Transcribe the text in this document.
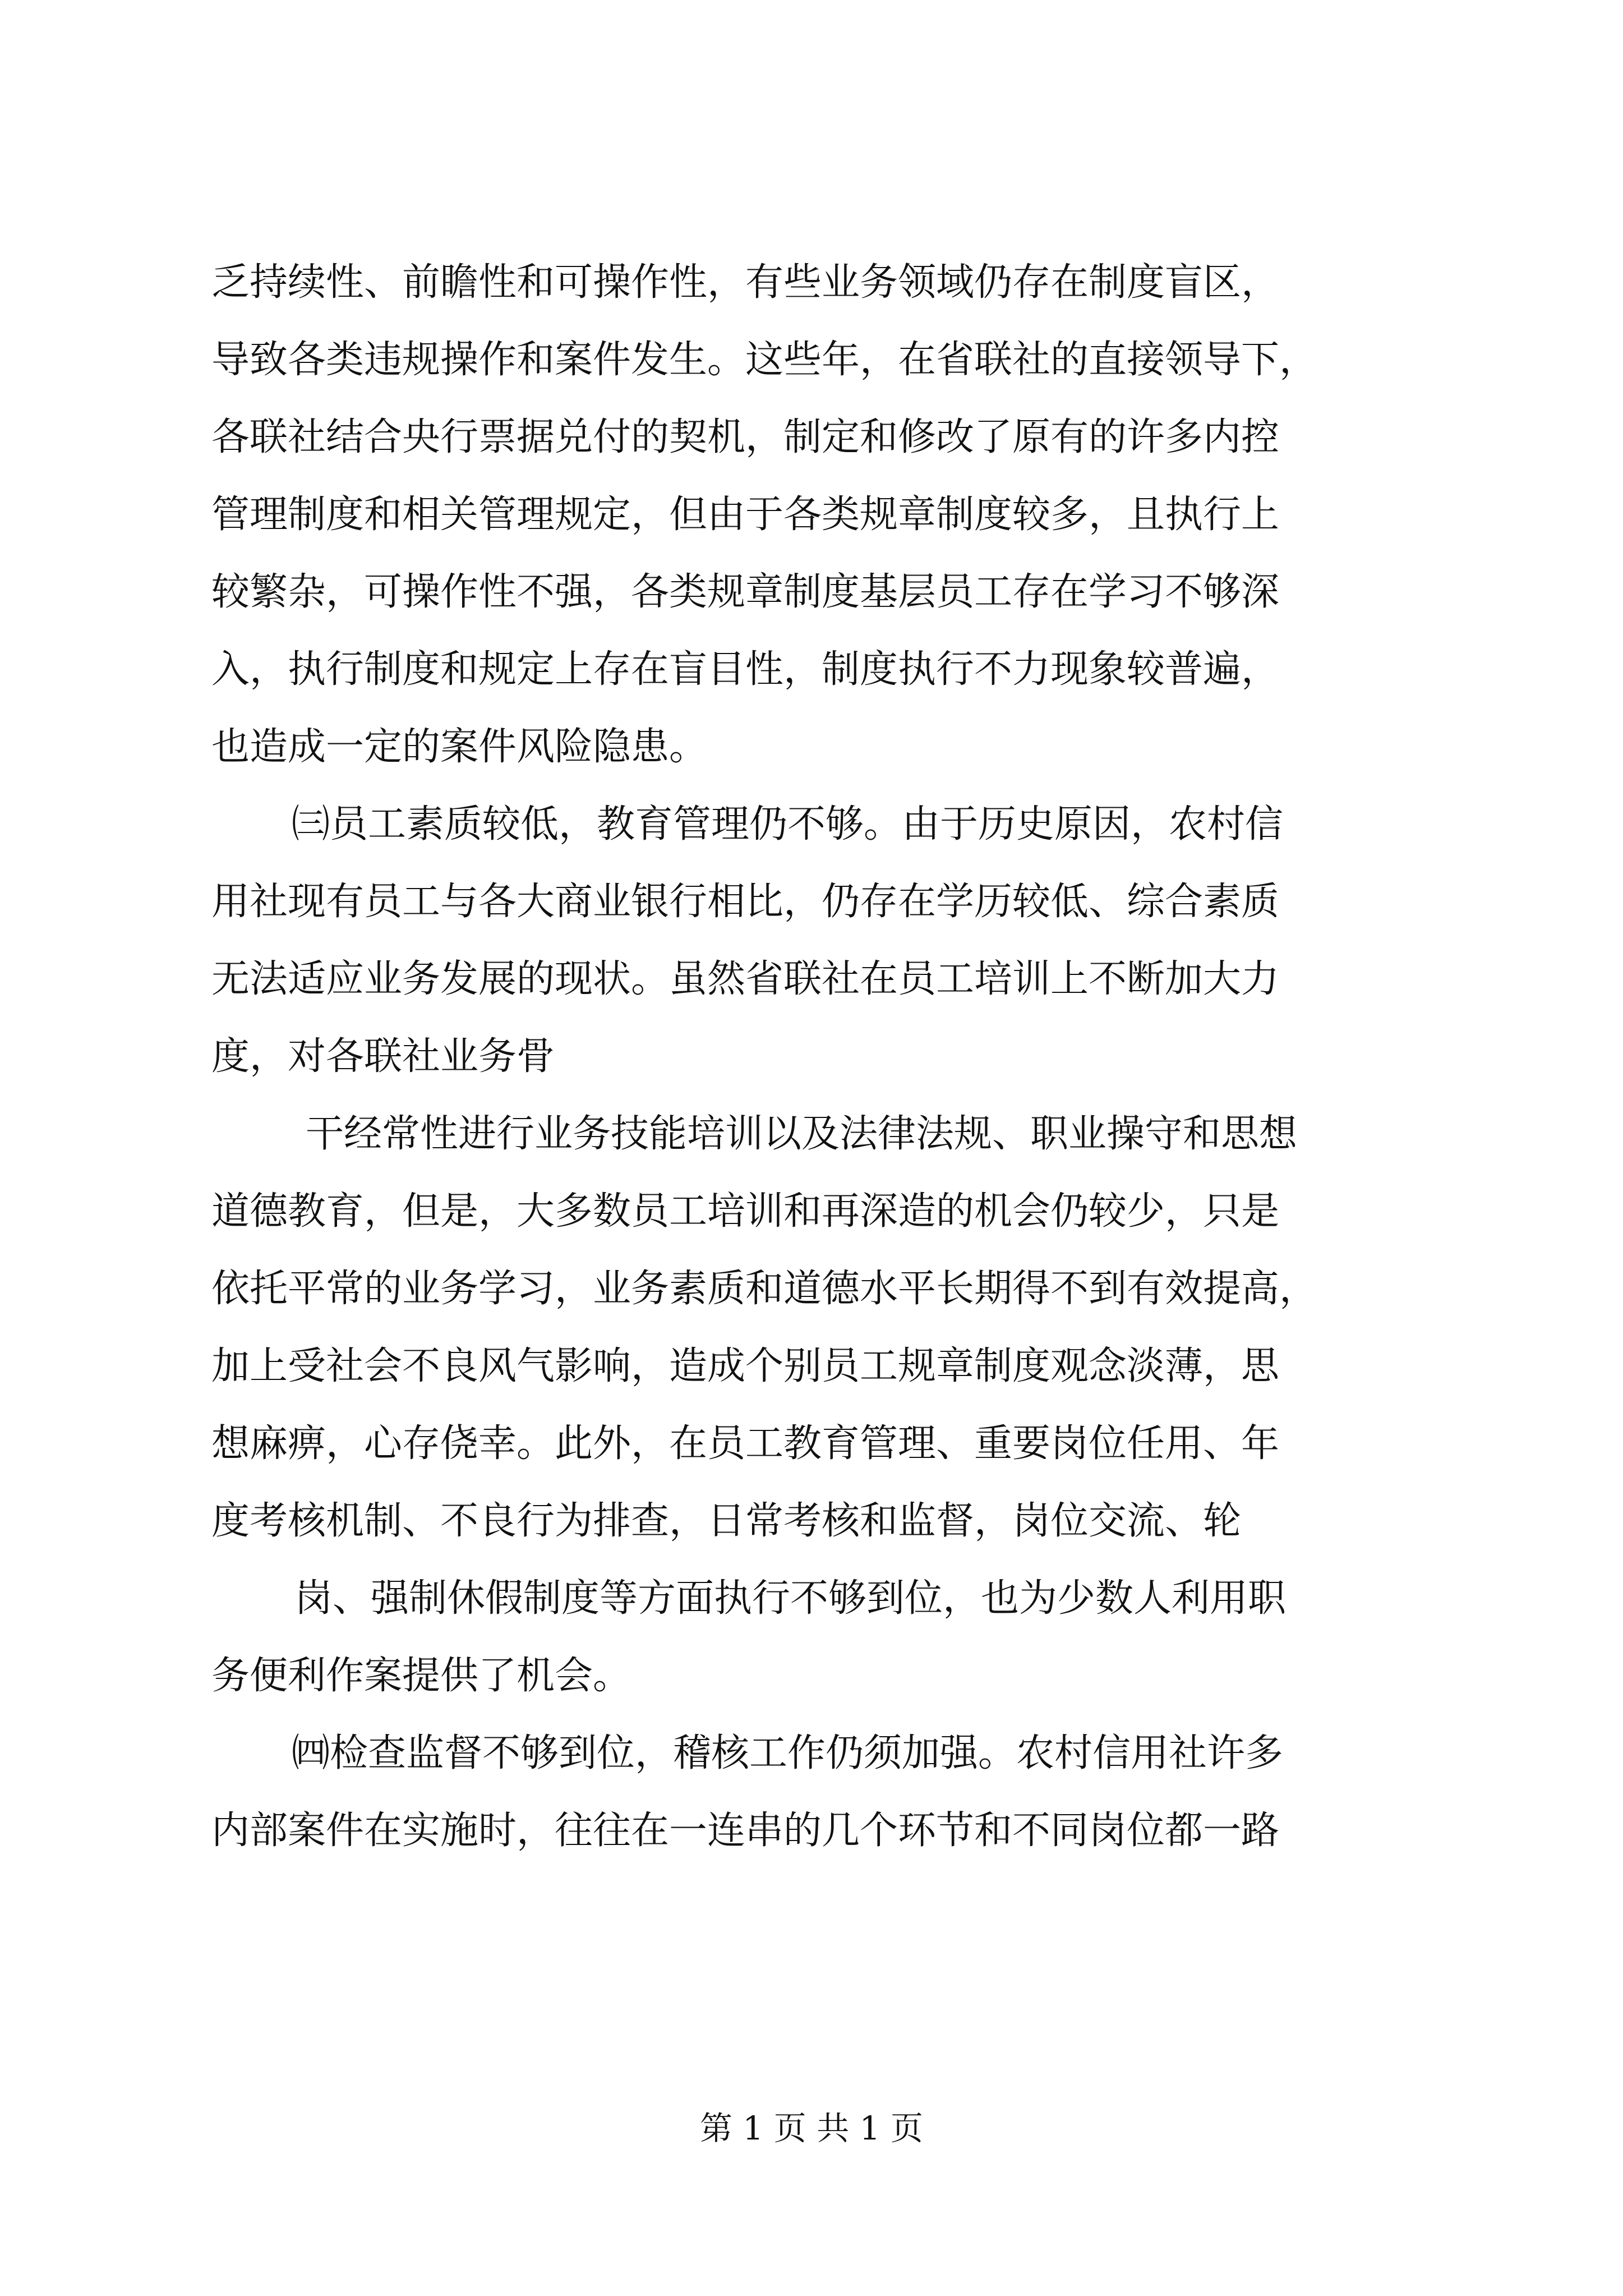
乏持续性、前瞻性和可操作性，有些业务领域仍存在制度盲区，
导致各类违规操作和案件发生。这些年，在省联社的直接领导下，
各联社结合央行票据兑付的契机，制定和修改了原有的许多内控
管理制度和相关管理规定，但由于各类规章制度较多，且执行上
较繁杂，可操作性不强，各类规章制度基层员工存在学习不够深
入，执行制度和规定上存在盲目性，制度执行不力现象较普遍，
也造成一定的案件风险隐患。
㈢员工素质较低，教育管理仍不够。由于历史原因，农村信
用社现有员工与各大商业银行相比，仍存在学历较低、综合素质
无法适应业务发展的现状。虽然省联社在员工培训上不断加大力
度，对各联社业务骨
干经常性进行业务技能培训以及法律法规、职业操守和思想
道德教育，但是，大多数员工培训和再深造的机会仍较少，只是
依托平常的业务学习，业务素质和道德水平长期得不到有效提高，
加上受社会不良风气影响，造成个别员工规章制度观念淡薄，思
想麻痹，心存侥幸。此外，在员工教育管理、重要岗位任用、年
度考核机制、不良行为排查，日常考核和监督，岗位交流、轮
岗、强制休假制度等方面执行不够到位，也为少数人利用职
务便利作案提供了机会。
㈣检查监督不够到位，稽核工作仍须加强。农村信用社许多
内部案件在实施时，往往在一连串的几个环节和不同岗位都一路
第 1 页 共 1 页
